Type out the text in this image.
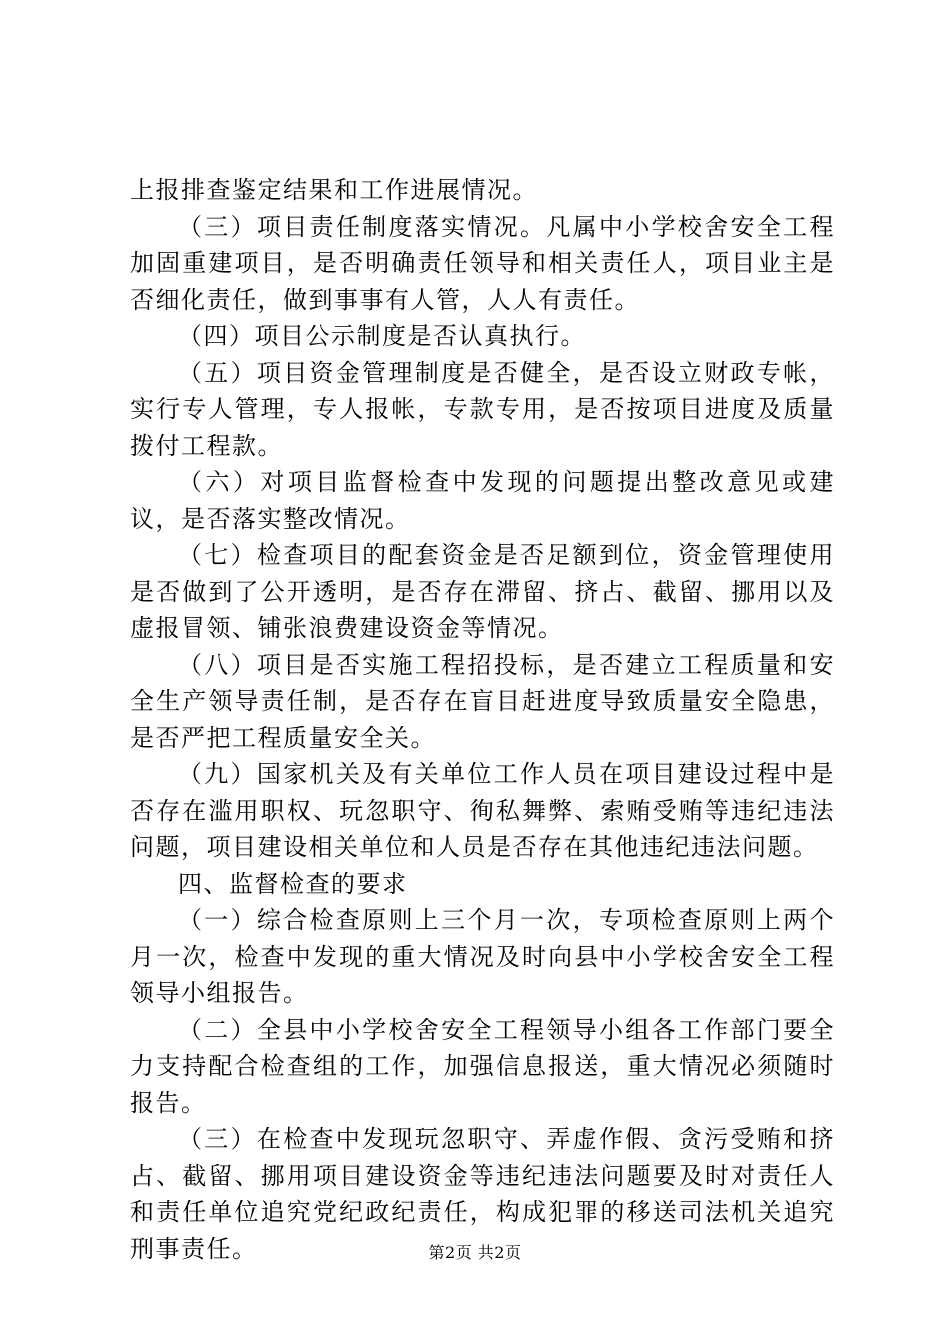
上报排查鉴定结果和工作进展情况。

（三）项目责任制度落实情况。凡属中小学校舍安全工程加固重建项目，是否明确责任领导和相关责任人，项目业主是否细化责任，做到事事有人管，人人有责任。

（四）项目公示制度是否认真执行。

（五）项目资金管理制度是否健全，是否设立财政专帐，实行专人管理，专人报帐，专款专用，是否按项目进度及质量拨付工程款。

（六）对项目监督检查中发现的问题提出整改意见或建议，是否落实整改情况。

（七）检查项目的配套资金是否足额到位，资金管理使用是否做到了公开透明，是否存在滞留、挤占、截留、挪用以及虚报冒领、铺张浪费建设资金等情况。

（八）项目是否实施工程招投标，是否建立工程质量和安全生产领导责任制，是否存在盲目赶进度导致质量安全隐患，是否严把工程质量安全关。

（九）国家机关及有关单位工作人员在项目建设过程中是否存在滥用职权、玩忽职守、徇私舞弊、索贿受贿等违纪违法问题，项目建设相关单位和人员是否存在其他违纪违法问题。

四、监督检查的要求

（一）综合检查原则上三个月一次，专项检查原则上两个月一次，检查中发现的重大情况及时向县中小学校舍安全工程领导小组报告。

（二）全县中小学校舍安全工程领导小组各工作部门要全力支持配合检查组的工作，加强信息报送，重大情况必须随时报告。

（三）在检查中发现玩忽职守、弄虚作假、贪污受贿和挤占、截留、挪用项目建设资金等违纪违法问题要及时对责任人和责任单位追究党纪政纪责任，构成犯罪的移送司法机关追究刑事责任。	第2页 共2页
